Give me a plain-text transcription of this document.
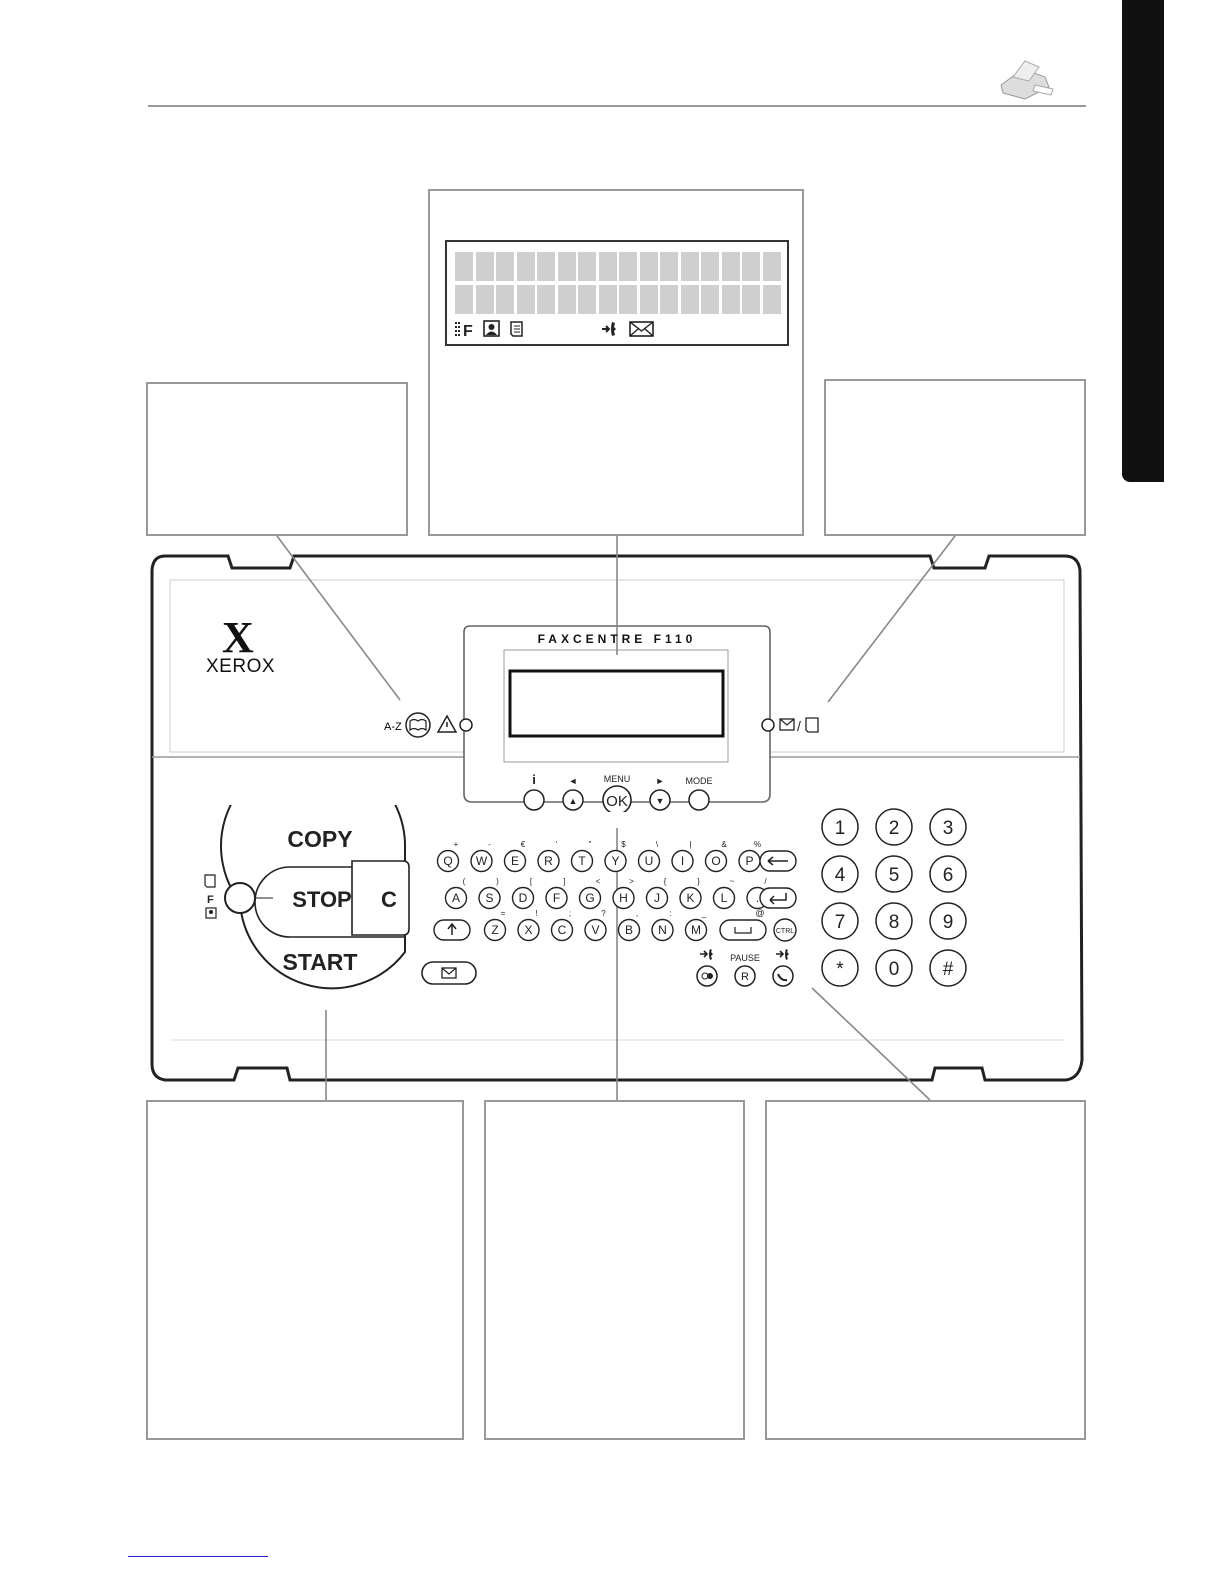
F
A-Z	/
X
XEROX
FAXCENTRE F110
i	◄
▲
MENU
OK
►
▼
MODE
COPY
STOP C
START
F
Q
+
W
-
E
€
R
'
T
"
Y
$
U
\
I
|
O
&
P
%
A
(
S
)
D
[
F
]
G
<
H
>
J
{
K
}
L
~
.
/
Z
=
X
!
C
;
V
?
B
,
N
:
M
_	@
CTRL
PAUSE
R
1 2 3
4 5 6
7 8 9
* 0 #
